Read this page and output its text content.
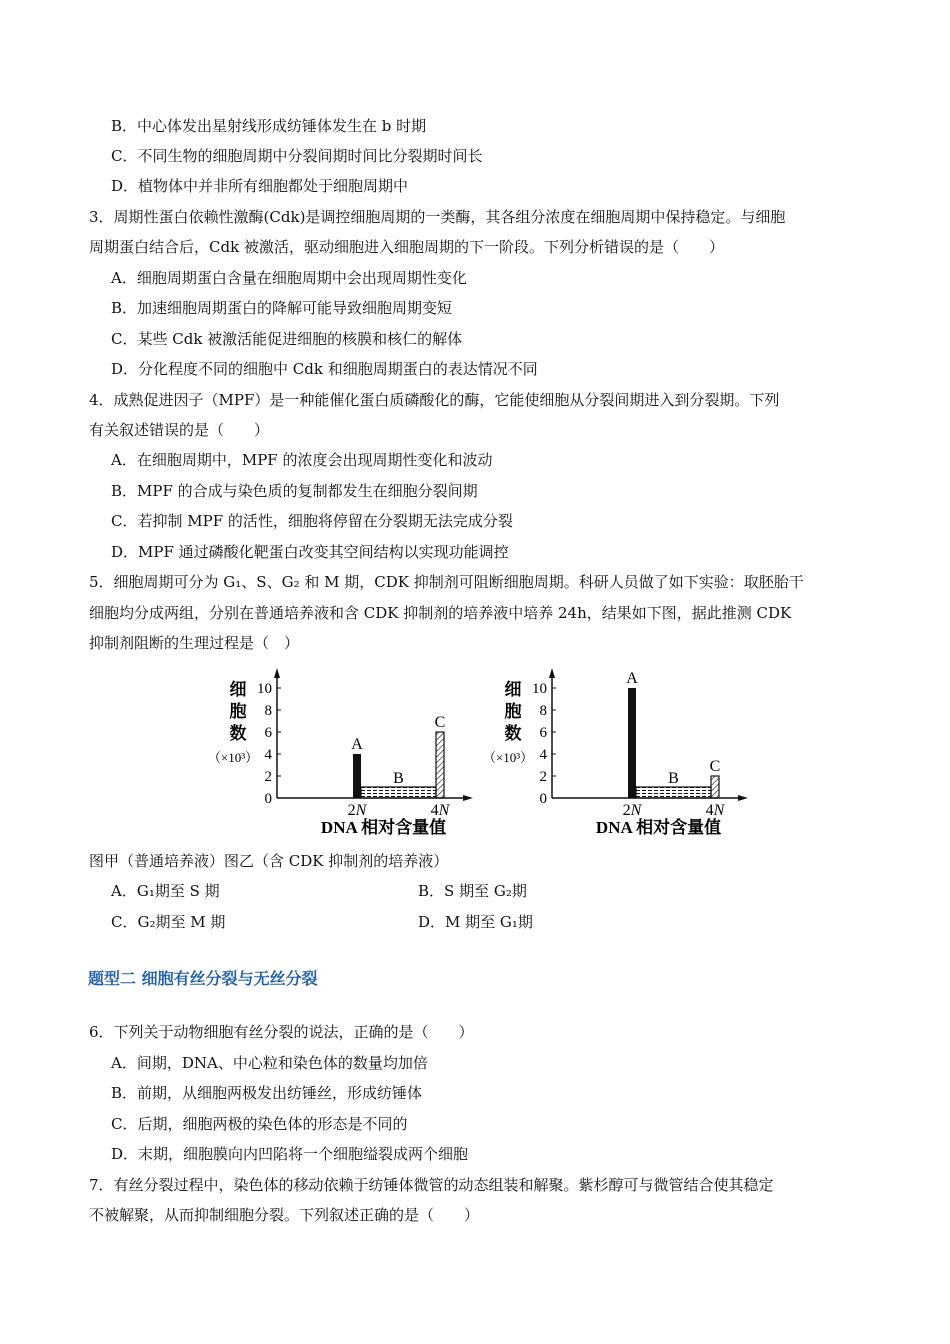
B．中心体发出星射线形成纺锤体发生在 b 时期
C．不同生物的细胞周期中分裂间期时间比分裂期时间长
D．植物体中并非所有细胞都处于细胞周期中
3．周期性蛋白依赖性激酶(Cdk)是调控细胞周期的一类酶，其各组分浓度在细胞周期中保持稳定。与细胞
周期蛋白结合后，Cdk 被激活，驱动细胞进入细胞周期的下一阶段。下列分析错误的是（　　）
A．细胞周期蛋白含量在细胞周期中会出现周期性变化
B．加速细胞周期蛋白的降解可能导致细胞周期变短
C．某些 Cdk 被激活能促进细胞的核膜和核仁的解体
D．分化程度不同的细胞中 Cdk 和细胞周期蛋白的表达情况不同
4．成熟促进因子（MPF）是一种能催化蛋白质磷酸化的酶，它能使细胞从分裂间期进入到分裂期。下列
有关叙述错误的是（　　）
A．在细胞周期中，MPF 的浓度会出现周期性变化和波动
B．MPF 的合成与染色质的复制都发生在细胞分裂间期
C．若抑制 MPF 的活性，细胞将停留在分裂期无法完成分裂
D．MPF 通过磷酸化靶蛋白改变其空间结构以实现功能调控
5．细胞周期可分为 G₁、S、G₂ 和 M 期，CDK 抑制剂可阻断细胞周期。科研人员做了如下实验：取胚胎干
细胞均分成两组，分别在普通培养液和含 CDK 抑制剂的培养液中培养 24h，结果如下图，据此推测 CDK
抑制剂阻断的生理过程是（　）
0
2
4
6
8
10
细
胞
数
（×10³）
A
B
C
2N	4N
DNA 相对含量值
0
2
4
6
8
10
细
胞
数
（×10³）
A
B
C
2N	4N
DNA 相对含量值
图甲（普通培养液）图乙（含 CDK 抑制剂的培养液）
A．G₁期至 S 期	B．S 期至 G₂期
C．G₂期至 M 期	D．M 期至 G₁期
题型二 细胞有丝分裂与无丝分裂
6．下列关于动物细胞有丝分裂的说法，正确的是（　　）
A．间期，DNA、中心粒和染色体的数量均加倍
B．前期，从细胞两极发出纺锤丝，形成纺锤体
C．后期，细胞两极的染色体的形态是不同的
D．末期，细胞膜向内凹陷将一个细胞缢裂成两个细胞
7．有丝分裂过程中，染色体的移动依赖于纺锤体微管的动态组装和解聚。紫杉醇可与微管结合使其稳定
不被解聚，从而抑制细胞分裂。下列叙述正确的是（　　）
